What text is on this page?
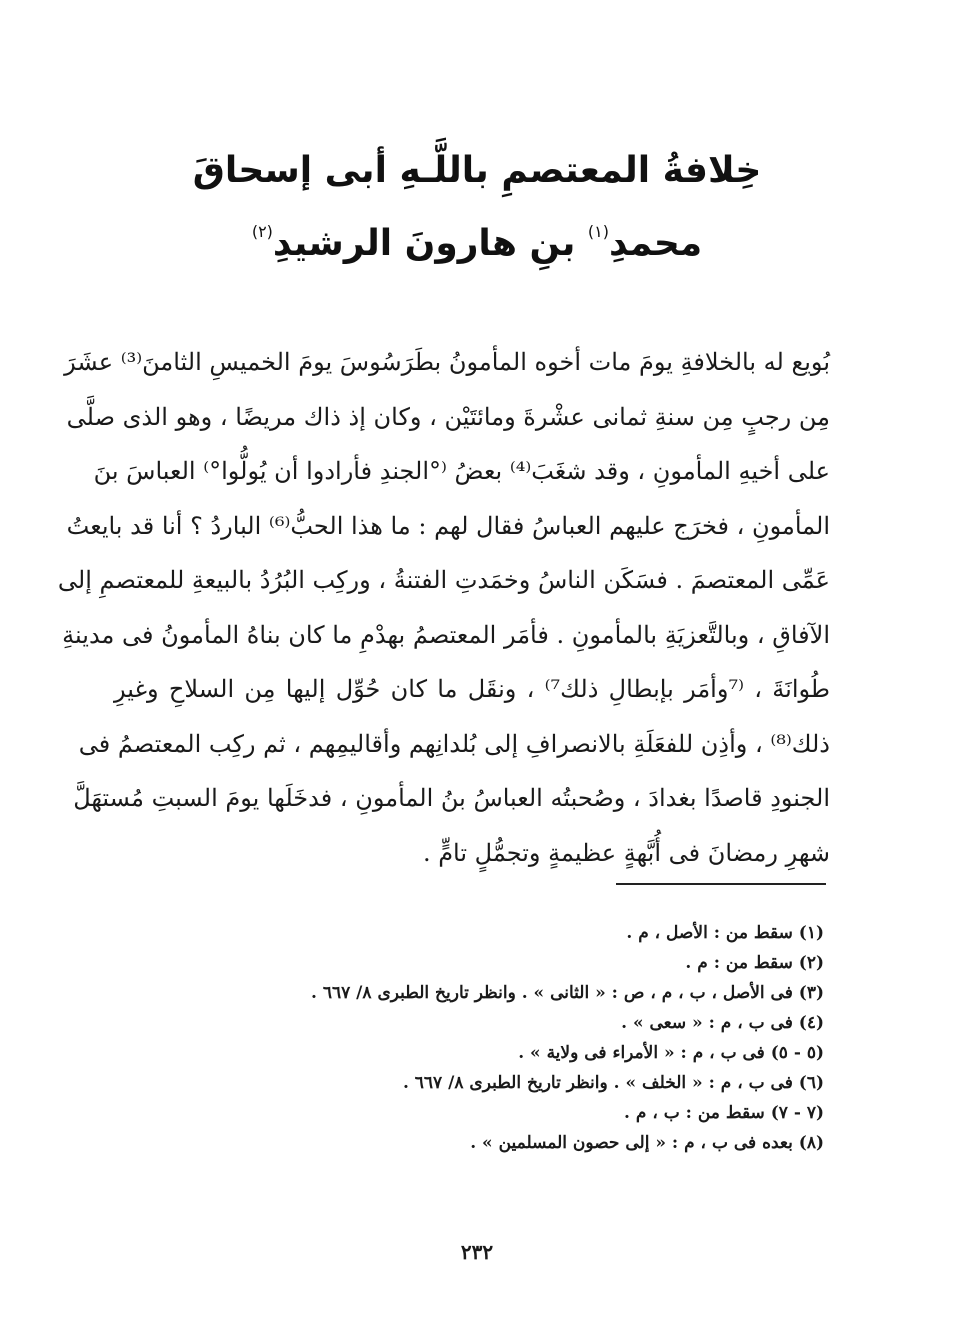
خِلافةُ المعتصمِ باللَّـهِ أبى إسحاقَ
محمدِ$^{(١)}$ بنِ هارونَ الرشيدِ$^{(٢)}$
بُويع له بالخلافةِ يومَ مات أخوه المأمونُ بطَرَسُوسَ يومَ الخميسِ الثامنَ⁽³⁾ عشَرَ
مِن رجبٍ مِن سنةِ ثمانى عشْرةَ ومائتَيْن ، وكان إذ ذاك مريضًا ، وهو الذى صلَّى
على أخيهِ المأمونِ ، وقد شغَبَ⁽⁴⁾ بعضُ ⁽°الجندِ فأرادوا أن يُولُّوا°⁾ العباسَ بنَ
المأمونِ ، فخرَج عليهم العباسُ فقال لهم : ما هذا الحبُّ⁽⁶⁾ الباردُ ؟ أنا قد بايعتُ
عَمِّى المعتصمَ . فسَكَن الناسُ وخمَدتِ الفتنةُ ، وركِب البُرُدُ بالبيعةِ للمعتصمِ إلى
الآفاقِ ، وبالتَّعزيَةِ بالمأمونِ . فأمَر المعتصمُ بهدْمِ ما كان بناهُ المأمونُ فى مدينةِ
طُوانَةَ ، ⁽⁷وأمَر بإبطالِ ذلك⁷⁾ ، ونقَل ما كان حُوِّل إليها مِن السلاحِ وغيرِ
ذلك⁽⁸⁾ ، وأذِن للفعَلَةِ بالانصرافِ إلى بُلدانِهم وأقاليمِهم ، ثم ركِب المعتصمُ فى
الجنودِ قاصدًا بغدادَ ، وصُحبتُه العباسُ بنُ المأمونِ ، فدخَلَها يومَ السبتِ مُستهَلَّ
شهرِ رمضانَ فى أُبَّهةٍ عظيمةٍ وتجمُّلٍ تامٍّ .
(١) سقط من : الأصل ، م .
(٢) سقط من : م .
(٣) فى الأصل ، ب ، م ، ص : « الثانى » . وانظر تاريخ الطبرى ٨/ ٦٦٧ .
(٤) فى ب ، م : « سعى » .
(٥ - ٥) فى ب ، م : « الأمراء فى ولاية » .
(٦) فى ب ، م : « الخلف » . وانظر تاريخ الطبرى ٨/ ٦٦٧ .
(٧ - ٧) سقط من : ب ، م .
(٨) بعده فى ب ، م : « إلى حصون المسلمين » .
٢٣٢
